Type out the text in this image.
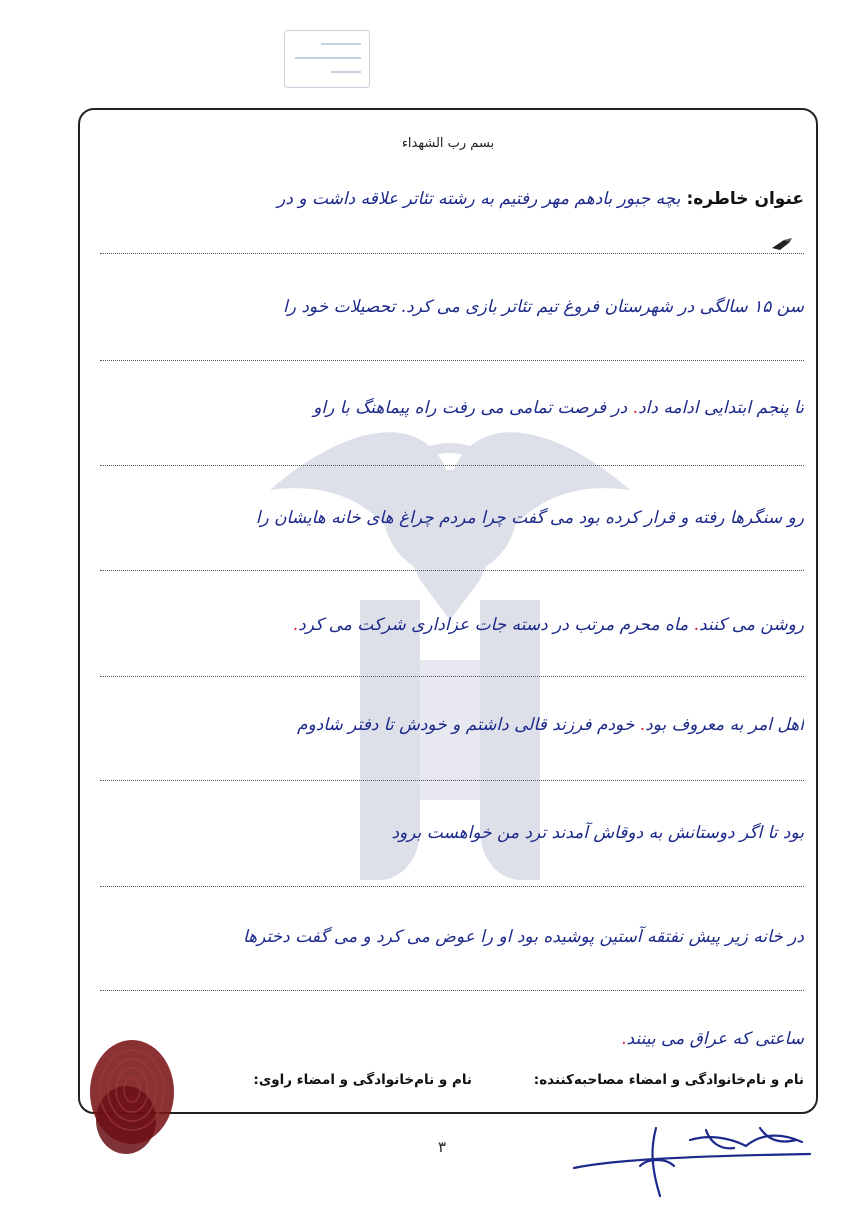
بسم رب الشهداء
عنوان خاطره:
بچه جبور بادهم مهر رفتیم به رشته تئاتر علاقه داشت و در
سن ۱۵ سالگی در شهرستان فروغ تیم تئاتر بازی می کرد. تحصیلات خود را
تا پنجم ابتدایی ادامه داد. در فرصت تمامی می رفت راه پیماهنگ با راو
رو سنگرها رفته و قرار کرده بود می گفت چرا مردم چراغ های خانه هایشان را
روشن می کنند. ماه محرم مرتب در دسته جات عزاداری شرکت می کرد.
اهل امر به معروف بود. خودم فرزند قالی داشتم و خودش تا دفتر شادوم
بود تا اگر دوستانش به دوقاش آمدند ترد من خواهست برود
در خانه زیر پیش نفتقه آستین پوشیده بود او را عوض می کرد و می گفت دخترها
ساعتی که عراق می بینند.
نام و نام‌خانوادگی و امضاء مصاحبه‌کننده:
نام و نام‌خانوادگی و امضاء راوی:
۳
